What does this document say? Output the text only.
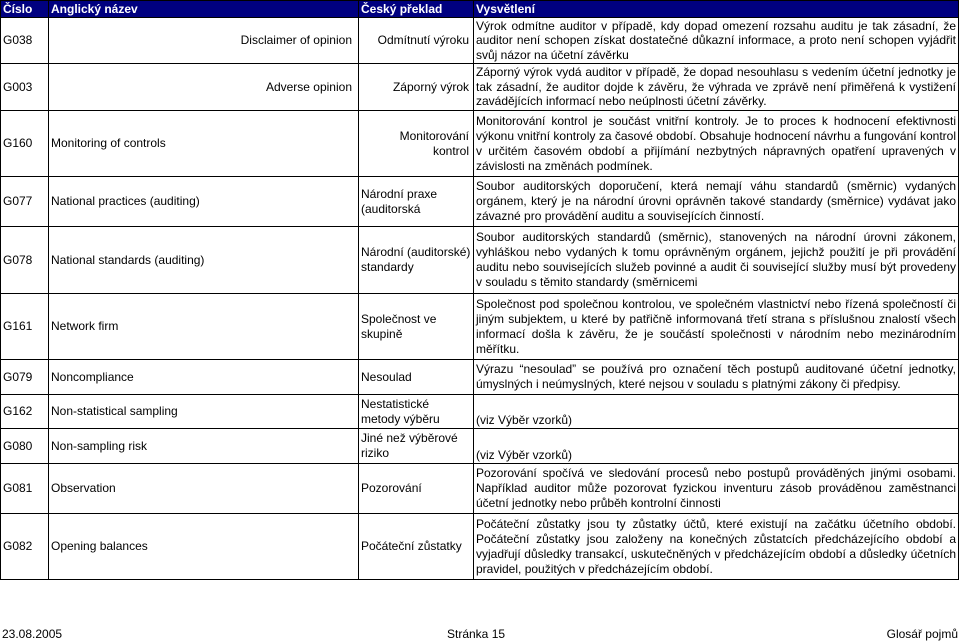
Číslo	Anglický název	Český překlad	Vysvětlení
G038	Disclaimer of opinion	Odmítnutí výroku	Výrok odmítne auditor v případě, kdy dopad omezení rozsahu auditu je tak zásadní, že auditor není schopen získat dostatečné důkazní informace, a proto není schopen vyjádřit svůj názor na účetní závěrku
G003	Adverse opinion	Záporný výrok	Záporný výrok vydá auditor v případě, že dopad nesouhlasu s vedením účetní jednotky je tak zásadní, že auditor dojde k závěru, že výhrada ve zprávě není přiměřená k vystižení zavádějících informací nebo neúplnosti účetní závěrky.
G160	Monitoring of controls	Monitorování kontrol	Monitorování kontrol je součást vnitřní kontroly. Je to proces k hodnocení efektivnosti výkonu vnitřní kontroly za časové období. Obsahuje hodnocení návrhu a fungování kontrol v určitém časovém období a přijímání nezbytných nápravných opatření upravených v závislosti na změnách podmínek.
G077	National practices (auditing)	Národní praxe (auditorská	Soubor auditorských doporučení, která nemají váhu standardů (směrnic) vydaných orgánem, který je na národní úrovni oprávněn takové standardy (směrnice) vydávat jako závazné pro provádění auditu a souvisejících činností.
G078	National standards (auditing)	Národní (auditorské) standardy	Soubor auditorských standardů (směrnic), stanovených na národní úrovni zákonem, vyhláškou nebo vydaných k tomu oprávněným orgánem, jejichž použití je při provádění auditu nebo souvisejících služeb povinné a audit či související služby musí být provedeny v souladu s těmito standardy (směrnicemi
G161	Network firm	Společnost ve skupině	Společnost pod společnou kontrolou, ve společném vlastnictví nebo řízená společností či jiným subjektem, u které by patřičně informovaná třetí strana s příslušnou znalostí všech informací došla k závěru, že je součástí společnosti v národním nebo mezinárodním měřítku.
G079	Noncompliance	Nesoulad	Výrazu “nesoulad” se používá pro označení těch postupů auditované účetní jednotky, úmyslných i neúmyslných, které nejsou v souladu s platnými zákony či předpisy.
G162	Non-statistical sampling	Nestatistické metody výběru	(viz Výběr vzorků)
G080	Non-sampling risk	Jiné než výběrové riziko	(viz Výběr vzorků)
G081	Observation	Pozorování	Pozorování spočívá ve sledování procesů nebo postupů prováděných jinými osobami. Například auditor může pozorovat fyzickou inventuru zásob prováděnou zaměstnanci účetní jednotky nebo průběh kontrolní činnosti
G082	Opening balances	Počáteční zůstatky	Počáteční zůstatky jsou ty zůstatky účtů, které existují na začátku účetního období. Počáteční zůstatky jsou založeny na konečných zůstatcích předcházejícího období a vyjadřují důsledky transakcí, uskutečněných v předcházejícím období a důsledky účetních pravidel, použitých v předcházejícím období.
23.08.2005	Stránka 15	Glosář pojmů
